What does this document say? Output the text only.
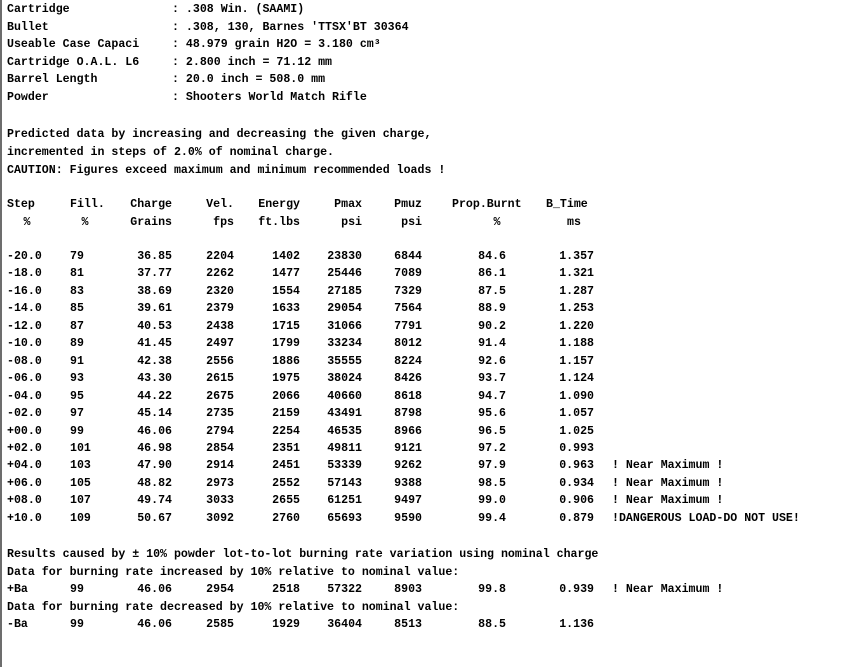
Cartridge	: .308 Win. (SAAMI)
Bullet	: .308, 130, Barnes 'TTSX'BT 30364
Useable Case Capaci	: 48.979 grain H2O = 3.180 cm³
Cartridge O.A.L. L6	: 2.800 inch = 71.12 mm
Barrel Length	: 20.0 inch = 508.0 mm
Powder	: Shooters World Match Rifle
Predicted data by increasing and decreasing the given charge,
incremented in steps of 2.0% of nominal charge.
CAUTION: Figures exceed maximum and minimum recommended loads !
Step	Fill.	Charge	Vel.	Energy	Pmax	Pmuz	Prop.Burnt	B_Time
%	%	Grains	fps	ft.lbs	psi	psi	%	ms
-20.0	79	36.85	2204	1402	23830	6844	84.6	1.357
-18.0	81	37.77	2262	1477	25446	7089	86.1	1.321
-16.0	83	38.69	2320	1554	27185	7329	87.5	1.287
-14.0	85	39.61	2379	1633	29054	7564	88.9	1.253
-12.0	87	40.53	2438	1715	31066	7791	90.2	1.220
-10.0	89	41.45	2497	1799	33234	8012	91.4	1.188
-08.0	91	42.38	2556	1886	35555	8224	92.6	1.157
-06.0	93	43.30	2615	1975	38024	8426	93.7	1.124
-04.0	95	44.22	2675	2066	40660	8618	94.7	1.090
-02.0	97	45.14	2735	2159	43491	8798	95.6	1.057
+00.0	99	46.06	2794	2254	46535	8966	96.5	1.025
+02.0	101	46.98	2854	2351	49811	9121	97.2	0.993
+04.0	103	47.90	2914	2451	53339	9262	97.9	0.963 ! Near Maximum !
+06.0	105	48.82	2973	2552	57143	9388	98.5	0.934 ! Near Maximum !
+08.0	107	49.74	3033	2655	61251	9497	99.0	0.906 ! Near Maximum !
+10.0	109	50.67	3092	2760	65693	9590	99.4	0.879 !DANGEROUS LOAD-DO NOT USE!
Results caused by ± 10% powder lot-to-lot burning rate variation using nominal charge
Data for burning rate increased by 10% relative to nominal value:
+Ba	99	46.06	2954	2518	57322	8903	99.8	0.939 ! Near Maximum !
Data for burning rate decreased by 10% relative to nominal value:
-Ba	99	46.06	2585	1929	36404	8513	88.5	1.136
